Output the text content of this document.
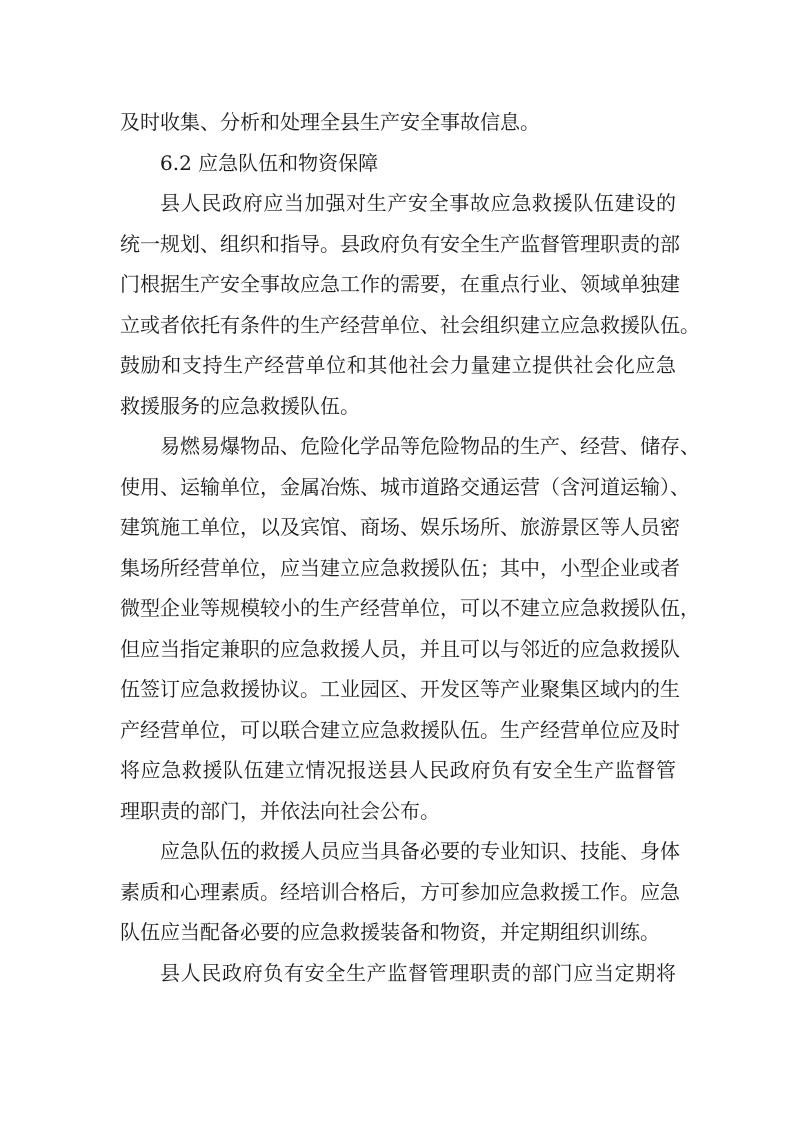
及时收集、分析和处理全县生产安全事故信息。
6.2 应急队伍和物资保障
县人民政府应当加强对生产安全事故应急救援队伍建设的
统一规划、组织和指导。县政府负有安全生产监督管理职责的部
门根据生产安全事故应急工作的需要，在重点行业、领域单独建
立或者依托有条件的生产经营单位、社会组织建立应急救援队伍。
鼓励和支持生产经营单位和其他社会力量建立提供社会化应急
救援服务的应急救援队伍。
易燃易爆物品、危险化学品等危险物品的生产、经营、储存、
使用、运输单位，金属冶炼、城市道路交通运营（含河道运输）、
建筑施工单位，以及宾馆、商场、娱乐场所、旅游景区等人员密
集场所经营单位，应当建立应急救援队伍；其中，小型企业或者
微型企业等规模较小的生产经营单位，可以不建立应急救援队伍，
但应当指定兼职的应急救援人员，并且可以与邻近的应急救援队
伍签订应急救援协议。工业园区、开发区等产业聚集区域内的生
产经营单位，可以联合建立应急救援队伍。生产经营单位应及时
将应急救援队伍建立情况报送县人民政府负有安全生产监督管
理职责的部门，并依法向社会公布。
应急队伍的救援人员应当具备必要的专业知识、技能、身体
素质和心理素质。经培训合格后，方可参加应急救援工作。应急
队伍应当配备必要的应急救援装备和物资，并定期组织训练。
县人民政府负有安全生产监督管理职责的部门应当定期将
